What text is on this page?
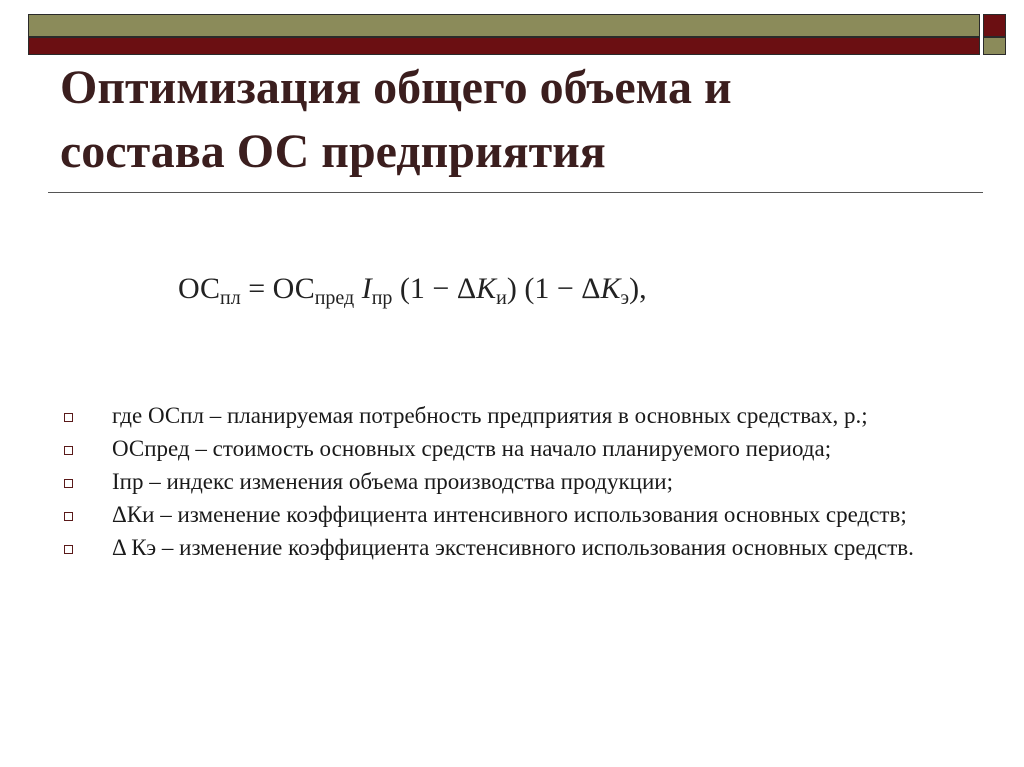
Оптимизация общего объема и
состава ОС предприятия
$ОС_{пл} = ОС_{пред}$ $I_{пр}$ $(1 - \Delta K_и)$ $(1 - \Delta K_э)$,
где ОСпл – планируемая потребность предприятия в основных средствах, р.;
ОСпред – стоимость основных средств на начало планируемого периода;
Iпр – индекс изменения объема производства продукции;
ΔКи – изменение коэффициента интенсивного использования основных средств;
Δ Кэ – изменение коэффициента экстенсивного использования основных средств.
